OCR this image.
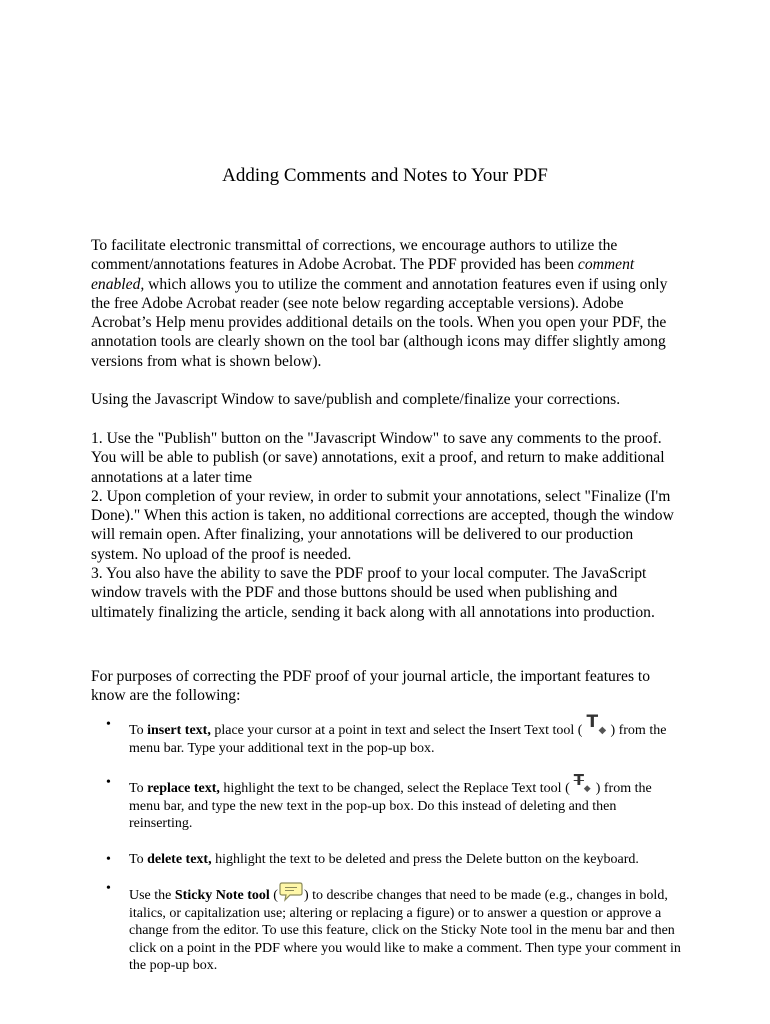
Adding Comments and Notes to Your PDF
To facilitate electronic transmittal of corrections, we encourage authors to utilize the comment/annotations features in Adobe Acrobat. The PDF provided has been comment enabled, which allows you to utilize the comment and annotation features even if using only the free Adobe Acrobat reader (see note below regarding acceptable versions). Adobe Acrobat’s Help menu provides additional details on the tools. When you open your PDF, the annotation tools are clearly shown on the tool bar (although icons may differ slightly among versions from what is shown below).
Using the Javascript Window to save/publish and complete/finalize your corrections.

1. Use the "Publish" button on the "Javascript Window" to save any comments to the proof. You will be able to publish (or save) annotations, exit a proof, and return to make additional annotations at a later time

2. Upon completion of your review, in order to submit your annotations, select "Finalize (I'm Done)." When this action is taken, no additional corrections are accepted, though the window will remain open. After finalizing, your annotations will be delivered to our production system. No upload of the proof is needed.

3. You also have the ability to save the PDF proof to your local computer. The JavaScript window travels with the PDF and those buttons should be used when publishing and ultimately finalizing the article, sending it back along with all annotations into production.

For purposes of correcting the PDF proof of your journal article, the important features to know are the following:

• To insert text, place your cursor at a point in text and select the Insert Text tool ( T ◆ ) from the menu bar. Type your additional text in the pop-up box.

• To replace text, highlight the text to be changed, select the Replace Text tool ( T ◆ ) from the menu bar, and type the new text in the pop-up box. Do this instead of deleting and then reinserting.

• To delete text, highlight the text to be deleted and press the Delete button on the keyboard.

• Use the Sticky Note tool ( ) to describe changes that need to be made (e.g., changes in bold, italics, or capitalization use; altering or replacing a figure) or to answer a question or approve a change from the editor. To use this feature, click on the Sticky Note tool in the menu bar and then click on a point in the PDF where you would like to make a comment. Then type your comment in the pop-up box.
